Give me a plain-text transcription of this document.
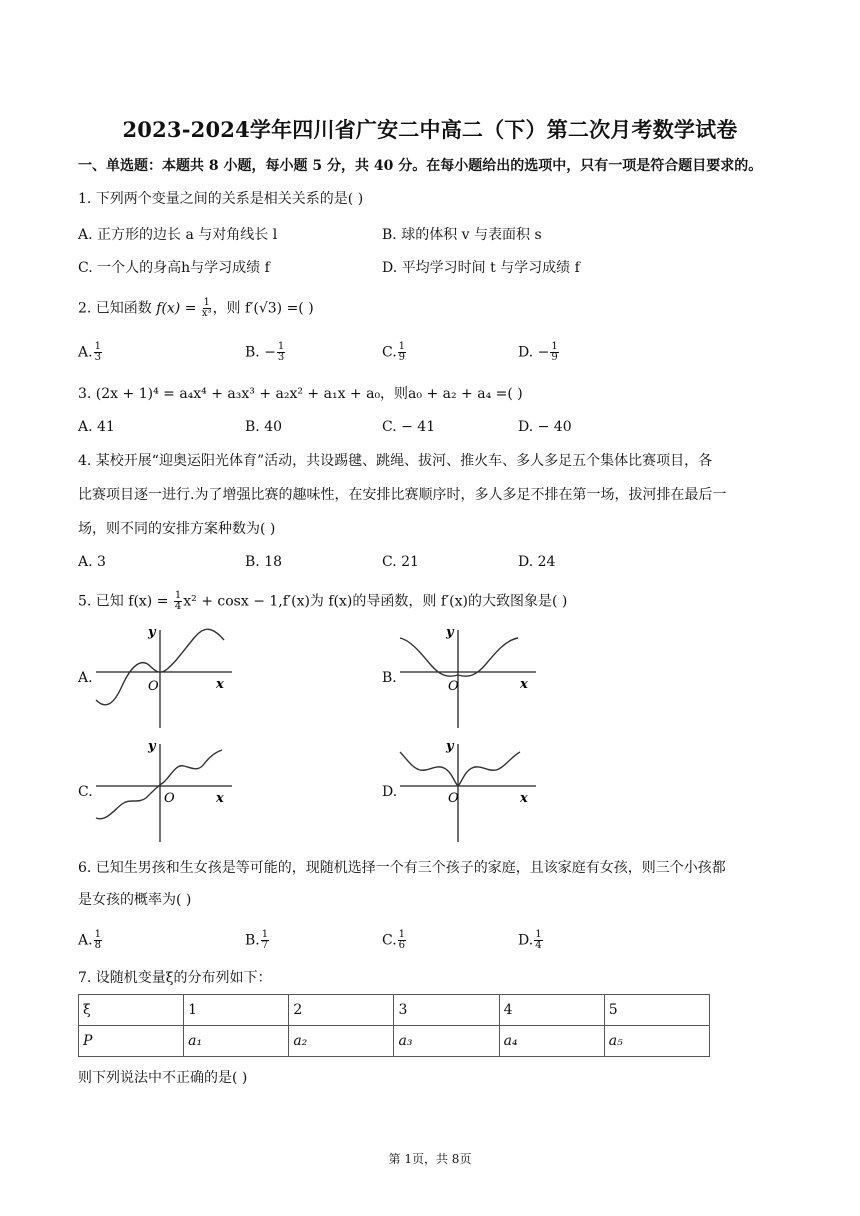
2023-2024学年四川省广安二中高二（下）第二次月考数学试卷
一、单选题：本题共 8 小题，每小题 5 分，共 40 分。在每小题给出的选项中，只有一项是符合题目要求的。
1. 下列两个变量之间的关系是相关关系的是( )
A. 正方形的边长 a 与对角线长 l	B. 球的体积 v 与表面积 s
C. 一个人的身高h与学习成绩 f	D. 平均学习时间 t 与学习成绩 f
2. 已知函数 $f(x) = \frac{1}{\text{x³}}$ ，则 f′(√3) =( )
A. $\frac{1}{3}$	B. − $\frac{1}{3}$	C. $\frac{1}{9}$	D. − $\frac{1}{9}$
3. (2x + 1)⁴ = a₄x⁴ + a₃x³ + a₂x² + a₁x + a₀，则a₀ + a₂ + a₄ =( )
A. 41	B. 40	C. − 41	D. − 40
4. 某校开展“迎奥运阳光体育”活动，共设踢毽、跳绳、拔河、推火车、多人多足五个集体比赛项目，各
比赛项目逐一进行.为了增强比赛的趣味性，在安排比赛顺序时，多人多足不排在第一场，拔河排在最后一
场，则不同的安排方案种数为( )
A. 3	B. 18	C. 21	D. 24
5. 已知 $f(x) = \frac{1}{4} x^2 + \cos x - 1,f'(x)$为 f(x)的导函数，则 f′(x)的大致图象是( )
A.
y
O	x	B.
y
O	x
C.
y
O	x	D.
y
O	x
6. 已知生男孩和生女孩是等可能的，现随机选择一个有三个孩子的家庭，且该家庭有女孩，则三个小孩都
是女孩的概率为( )
A. $\frac{1}{8}$	B. $\frac{1}{7}$	C. $\frac{1}{6}$	D. $\frac{1}{4}$
7. 设随机变量ξ的分布列如下：
ξ	1	2	3	4	5
P	a₁	a₂	a₃	a₄	a₅
则下列说法中不正确的是( )
第 1页，共 8页
